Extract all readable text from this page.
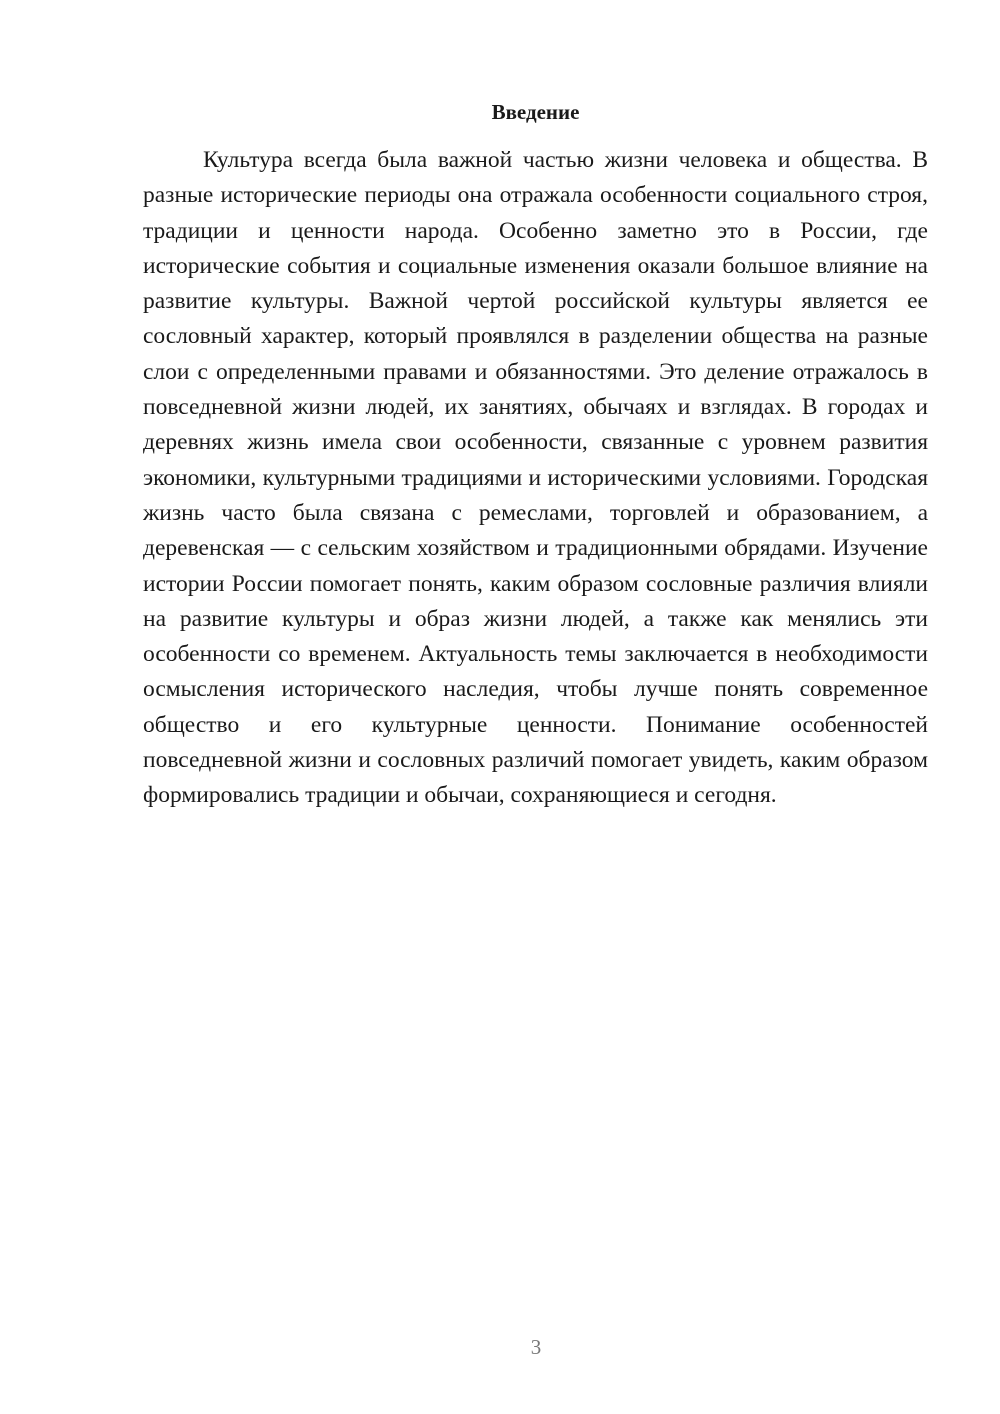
Введение

Культура всегда была важной частью жизни человека и общества. В разные исторические периоды она отражала особенности социального строя, традиции и ценности народа. Особенно заметно это в России, где исторические события и социальные изменения оказали большое влияние на развитие культуры. Важной чертой российской культуры является ее сословный характер, который проявлялся в разделении общества на разные слои с определенными правами и обязанностями. Это деление отражалось в повседневной жизни людей, их занятиях, обычаях и взглядах. В городах и деревнях жизнь имела свои особенности, связанные с уровнем развития экономики, культурными традициями и историческими условиями. Городская жизнь часто была связана с ремеслами, торговлей и образованием, а деревенская — с сельским хозяйством и традиционными обрядами. Изучение истории России помогает понять, каким образом сословные различия влияли на развитие культуры и образ жизни людей, а также как менялись эти особенности со временем. Актуальность темы заключается в необходимости осмысления исторического наследия, чтобы лучше понять современное общество и его культурные ценности. Понимание особенностей повседневной жизни и сословных различий помогает увидеть, каким образом формировались традиции и обычаи, сохраняющиеся и сегодня.

3
